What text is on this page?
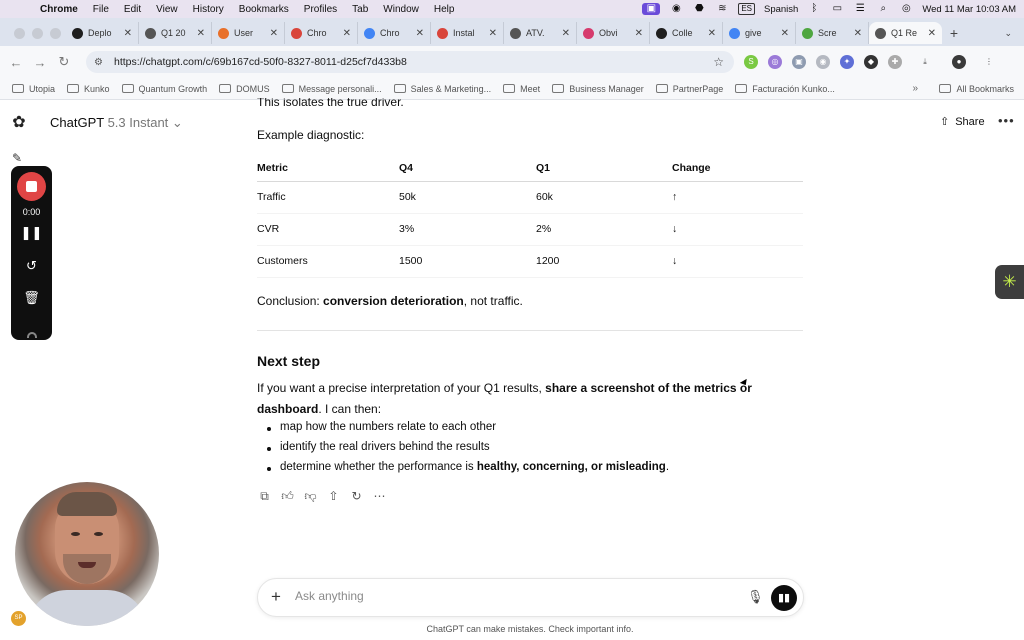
Chrome File Edit View History Bookmarks Profiles Tab Window Help	▣	◉ ⬣ ≋	ES	Spanish	ᛒ	▭ ☰	⌕	◎ Wed 11 Mar 10:03 AM
Deplo	✕	Q1 20	✕	User	✕	Chro	✕	Chro	✕	Instal	✕	ATV.	✕	Obvi	✕	Colle	✕	give	✕	Scre	✕	Q1 Re	✕ +	⌄
← → ↻	⚙	https://chatgpt.com/c/69b167cd-50f0-8327-8011-d25cf7d433b8	☆	S	◎	▣	◉	✦	◆	✚	⤓	●	⋮
Utopia	Kunko	Quantum Growth	DOMUS	Message personali...	Sales & Marketing...	Meet	Business Manager	PartnerPage	Facturación Kunko...	»	All Bookmarks
✿
✎
ChatGPT 5.3 Instant ⌄	⇧ Share •••
This isolates the true driver.
Example diagnostic:
Metric	Q4	Q1	Change
Traffic	50k	60k	↑
CVR	3%	2%	↓
Customers	1500	1200	↓
Conclusion: conversion deterioration, not traffic.
Next step
If you want a precise interpretation of your Q1 results, share a screenshot of the metrics or dashboard. I can then:
map how the numbers relate to each other
identify the real drivers behind the results
determine whether the performance is healthy, concerning, or misleading.
⧉ 👍︎ 👎︎ ⇧ ↻ ⋯
+
Ask anything	🎙︎	▮▮
ChatGPT can make mistakes. Check important info.
0:00
❚❚
↺
🗑︎
✳
SP
